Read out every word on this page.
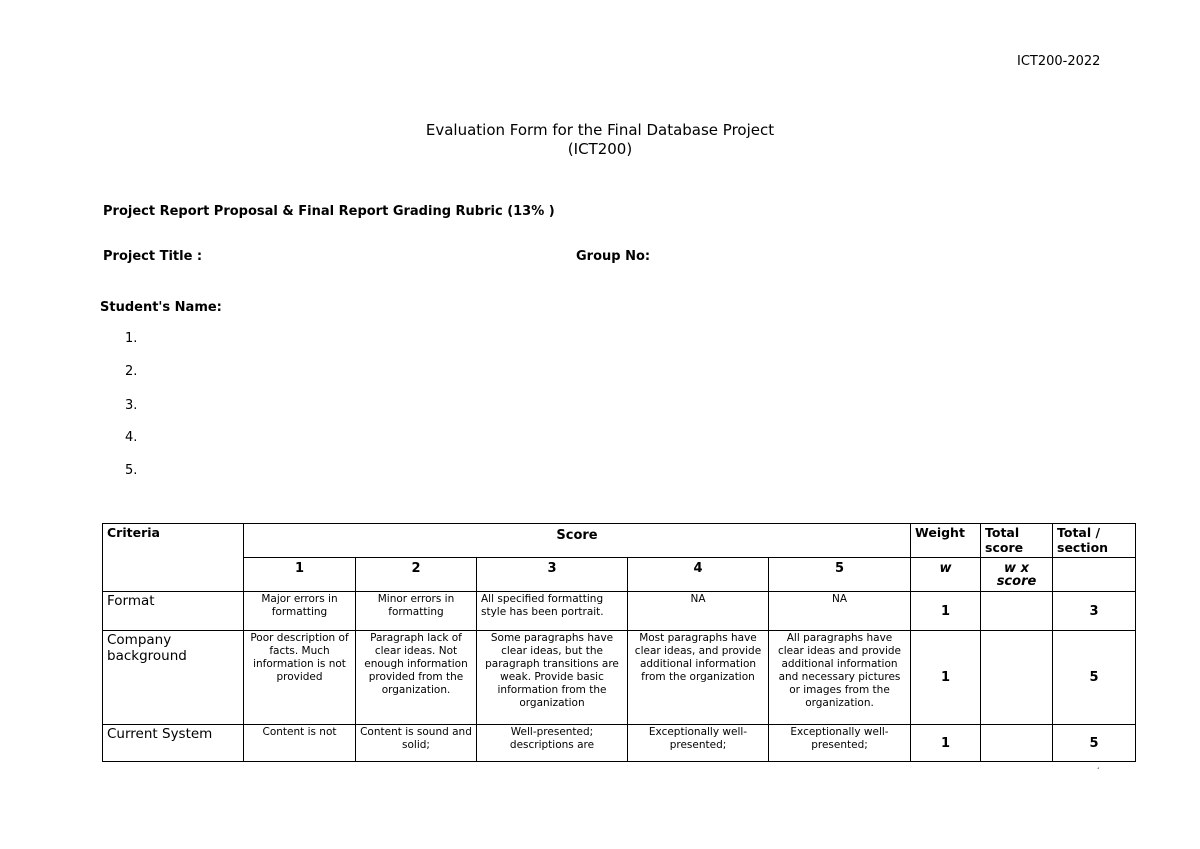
ICT200-2022
Evaluation Form for the Final Database Project
(ICT200)
Project Report Proposal & Final Report Grading Rubric (13% )
Project Title :	Group No:
Student's Name:
1.
2.
3.
4.
5.
Criteria	Score					Weight	Total score	Total / section
	1	2	3	4	5	w	w x score	
Format	Major errors in formatting	Minor errors in formatting	All specified formatting style has been portrait.	NA	NA	1		3
Company background	Poor description of facts. Much information is not provided	Paragraph lack of clear ideas. Not enough information provided from the organization.	Some paragraphs have clear ideas, but the paragraph transitions are weak. Provide basic information from the organization	Most paragraphs have clear ideas, and provide additional information from the organization	All paragraphs have clear ideas and provide additional information and necessary pictures or images from the organization.	1		5
Current System	Content is not	Content is sound and solid;	Well-presented; descriptions are	Exceptionally well-presented;	Exceptionally well-presented;	1		5
´
